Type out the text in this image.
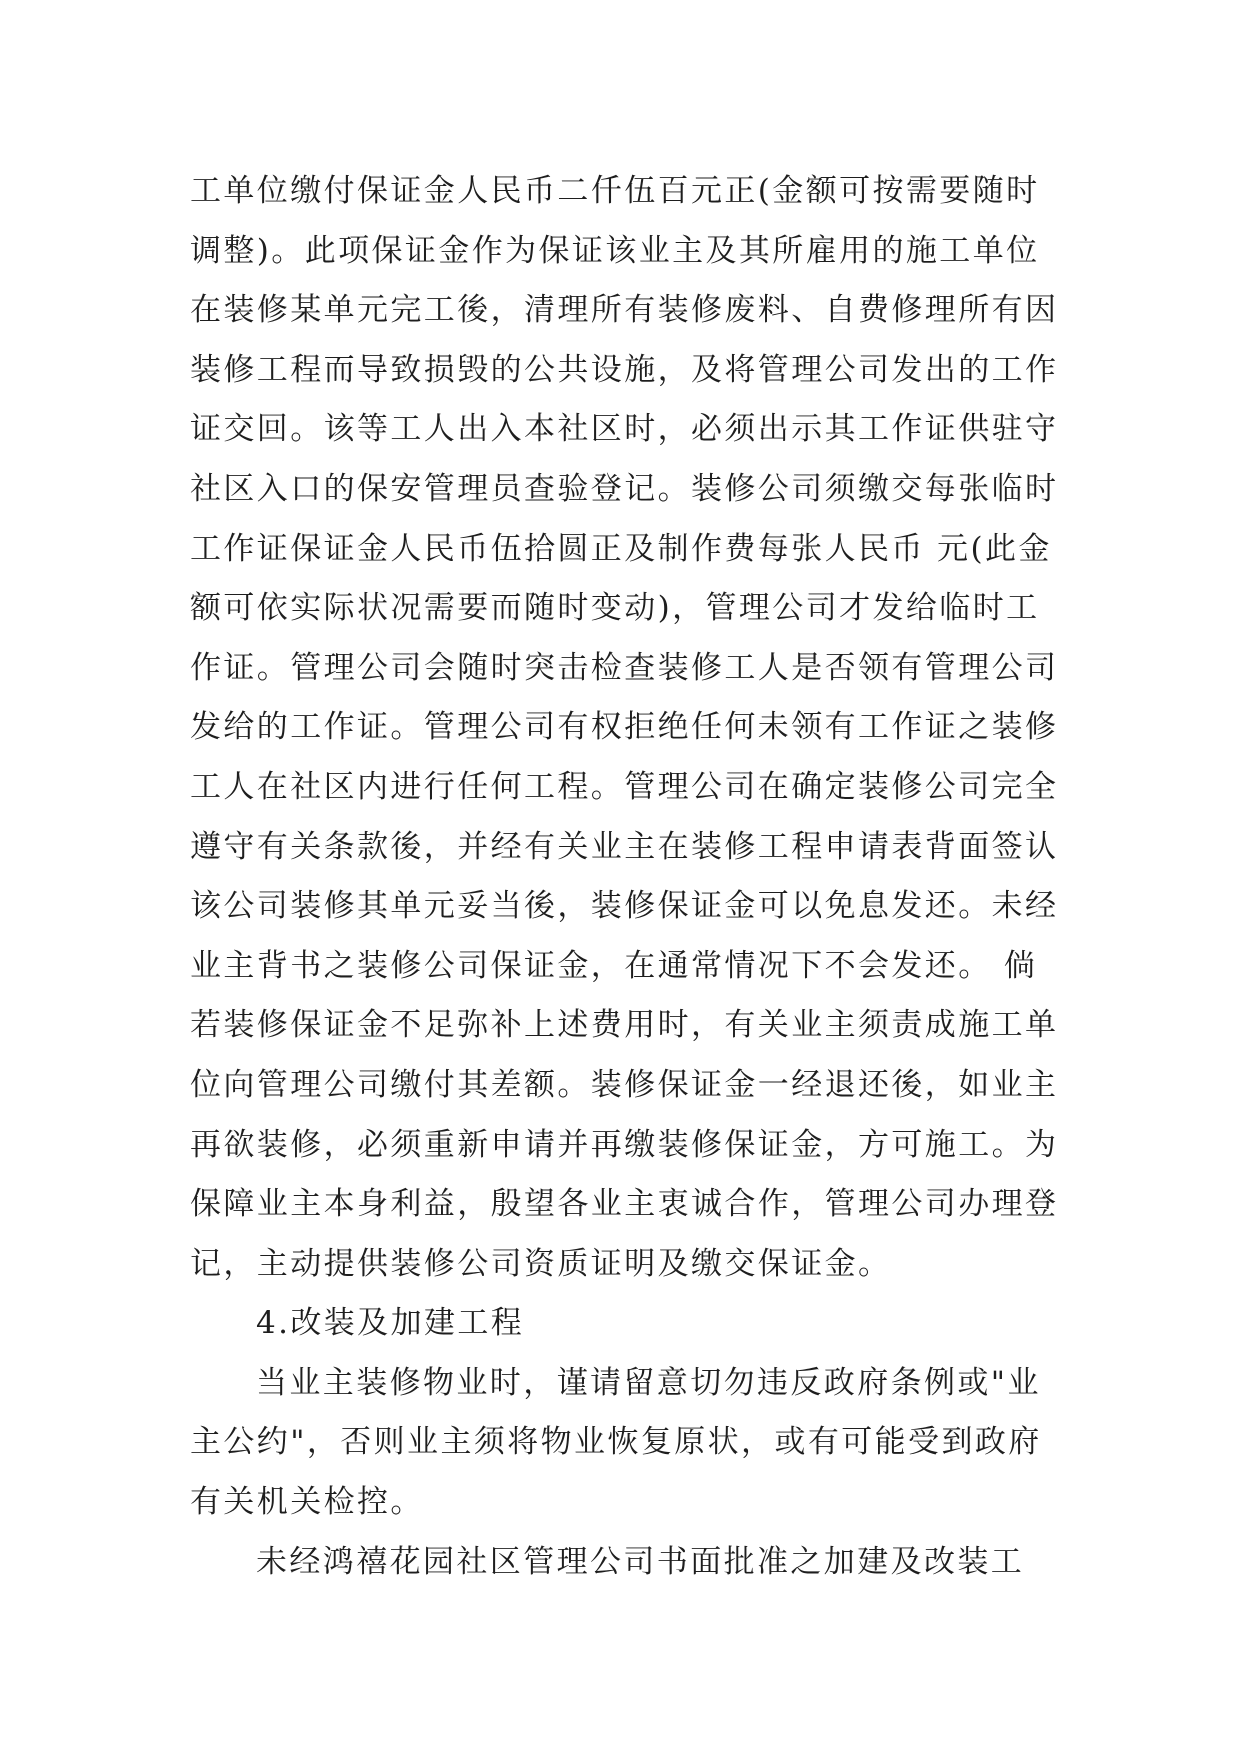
工单位缴付保证金人民币二仟伍百元正(金额可按需要随时
调整)。此项保证金作为保证该业主及其所雇用的施工单位
在装修某单元完工後，清理所有装修废料、自费修理所有因
装修工程而导致损毁的公共设施，及将管理公司发出的工作
证交回。该等工人出入本社区时，必须出示其工作证供驻守
社区入口的保安管理员查验登记。装修公司须缴交每张临时
工作证保证金人民币伍拾圆正及制作费每张人民币 元(此金
额可依实际状况需要而随时变动)，管理公司才发给临时工
作证。管理公司会随时突击检查装修工人是否领有管理公司
发给的工作证。管理公司有权拒绝任何未领有工作证之装修
工人在社区内进行任何工程。管理公司在确定装修公司完全
遵守有关条款後，并经有关业主在装修工程申请表背面签认
该公司装修其单元妥当後，装修保证金可以免息发还。未经
业主背书之装修公司保证金，在通常情况下不会发还。 倘
若装修保证金不足弥补上述费用时，有关业主须责成施工单
位向管理公司缴付其差额。装修保证金一经退还後，如业主
再欲装修，必须重新申请并再缴装修保证金，方可施工。为
保障业主本身利益，殷望各业主衷诚合作，管理公司办理登
记，主动提供装修公司资质证明及缴交保证金。
4.改装及加建工程
当业主装修物业时，谨请留意切勿违反政府条例或"业
主公约"，否则业主须将物业恢复原状，或有可能受到政府
有关机关检控。
未经鸿禧花园社区管理公司书面批准之加建及改装工
